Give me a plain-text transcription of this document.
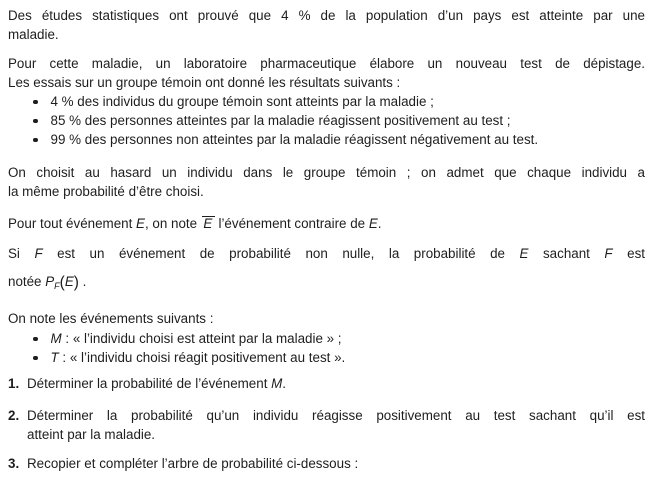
Des études statistiques ont prouvé que 4 % de la population d’un pays est atteinte par une
maladie.
Pour cette maladie, un laboratoire pharmaceutique élabore un nouveau test de dépistage.
Les essais sur un groupe témoin ont donné les résultats suivants :
4 % des individus du groupe témoin sont atteints par la maladie ;
85 % des personnes atteintes par la maladie réagissent positivement au test ;
99 % des personnes non atteintes par la maladie réagissent négativement au test.
On choisit au hasard un individu dans le groupe témoin ; on admet que chaque individu a
la même probabilité d’être choisi.
Pour tout événement E, on note E l’événement contraire de E.
Si F est un événement de probabilité non nulle, la probabilité de E sachant F est
notée $P_F(E)$ .
On note les événements suivants :
M : « l’individu choisi est atteint par la maladie » ;
T : « l’individu choisi réagit positivement au test ».
1. Déterminer la probabilité de l’événement M.
2. Déterminer la probabilité qu’un individu réagisse positivement au test sachant qu’il est
atteint par la maladie.
3. Recopier et compléter l’arbre de probabilité ci-dessous :
